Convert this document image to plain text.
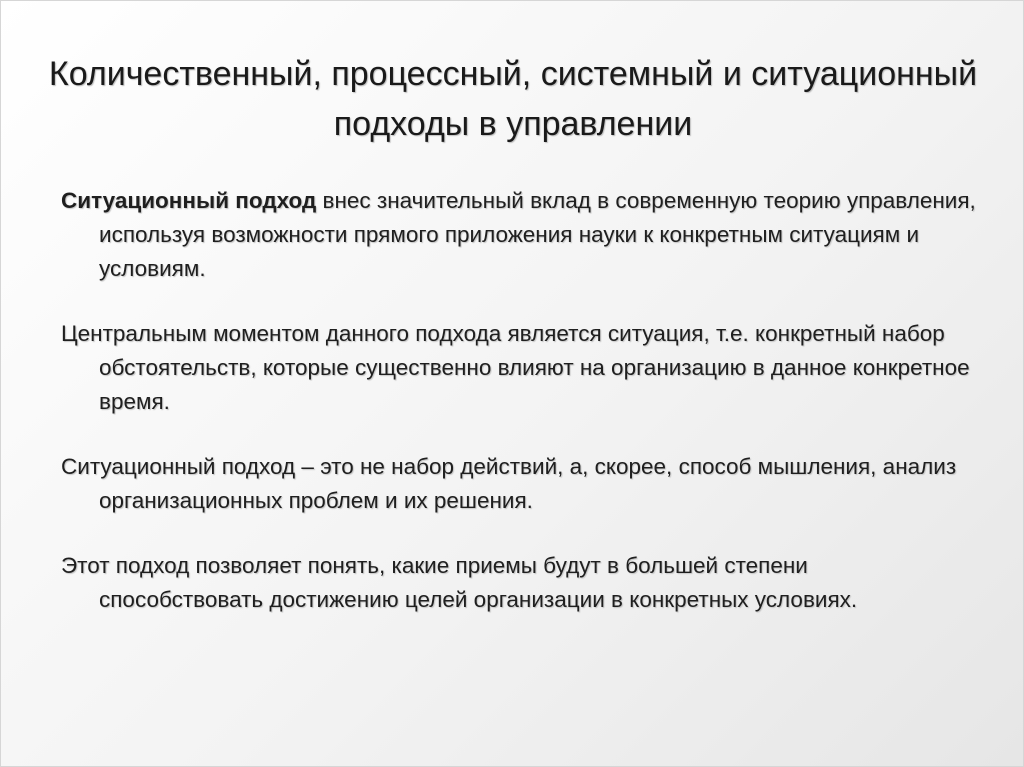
Количественный, процессный, системный и ситуационный подходы в управлении

Ситуационный подход внес значительный вклад в современную теорию управления, используя возможности прямого приложения науки к конкретным ситуациям и условиям.

Центральным моментом данного подхода является ситуация, т.е. конкретный набор обстоятельств, которые существенно влияют на организацию в данное конкретное время.

Ситуационный подход – это не набор действий, а, скорее, способ мышления, анализ организационных проблем и их решения.

Этот подход позволяет понять, какие приемы будут в большей степени способствовать достижению целей организации в конкретных условиях.
